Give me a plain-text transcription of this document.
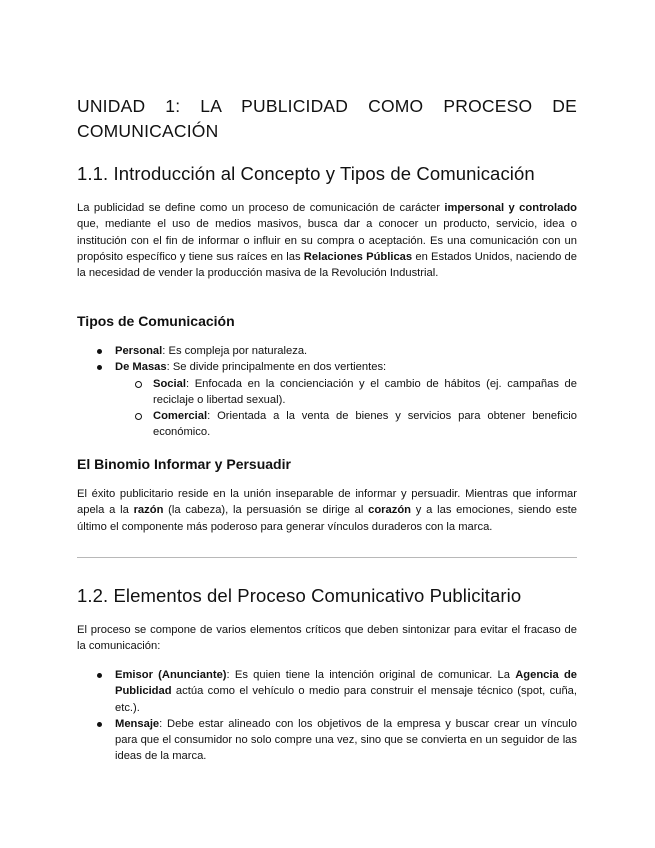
UNIDAD 1: LA PUBLICIDAD COMO PROCESO DE COMUNICACIÓN
1.1. Introducción al Concepto y Tipos de Comunicación

La publicidad se define como un proceso de comunicación de carácter impersonal y controlado que, mediante el uso de medios masivos, busca dar a conocer un producto, servicio, idea o institución con el fin de informar o influir en su compra o aceptación. Es una comunicación con un propósito específico y tiene sus raíces en las Relaciones Públicas en Estados Unidos, naciendo de la necesidad de vender la producción masiva de la Revolución Industrial.

Tipos de Comunicación
Personal: Es compleja por naturaleza.
De Masas: Se divide principalmente en dos vertientes:
Social: Enfocada en la concienciación y el cambio de hábitos (ej. campañas de reciclaje o libertad sexual).
Comercial: Orientada a la venta de bienes y servicios para obtener beneficio económico.
El Binomio Informar y Persuadir

El éxito publicitario reside en la unión inseparable de informar y persuadir. Mientras que informar apela a la razón (la cabeza), la persuasión se dirige al corazón y a las emociones, siendo este último el componente más poderoso para generar vínculos duraderos con la marca.

1.2. Elementos del Proceso Comunicativo Publicitario

El proceso se compone de varios elementos críticos que deben sintonizar para evitar el fracaso de la comunicación:

Emisor (Anunciante): Es quien tiene la intención original de comunicar. La Agencia de Publicidad actúa como el vehículo o medio para construir el mensaje técnico (spot, cuña, etc.).
Mensaje: Debe estar alineado con los objetivos de la empresa y buscar crear un vínculo para que el consumidor no solo compre una vez, sino que se convierta en un seguidor de las ideas de la marca.
